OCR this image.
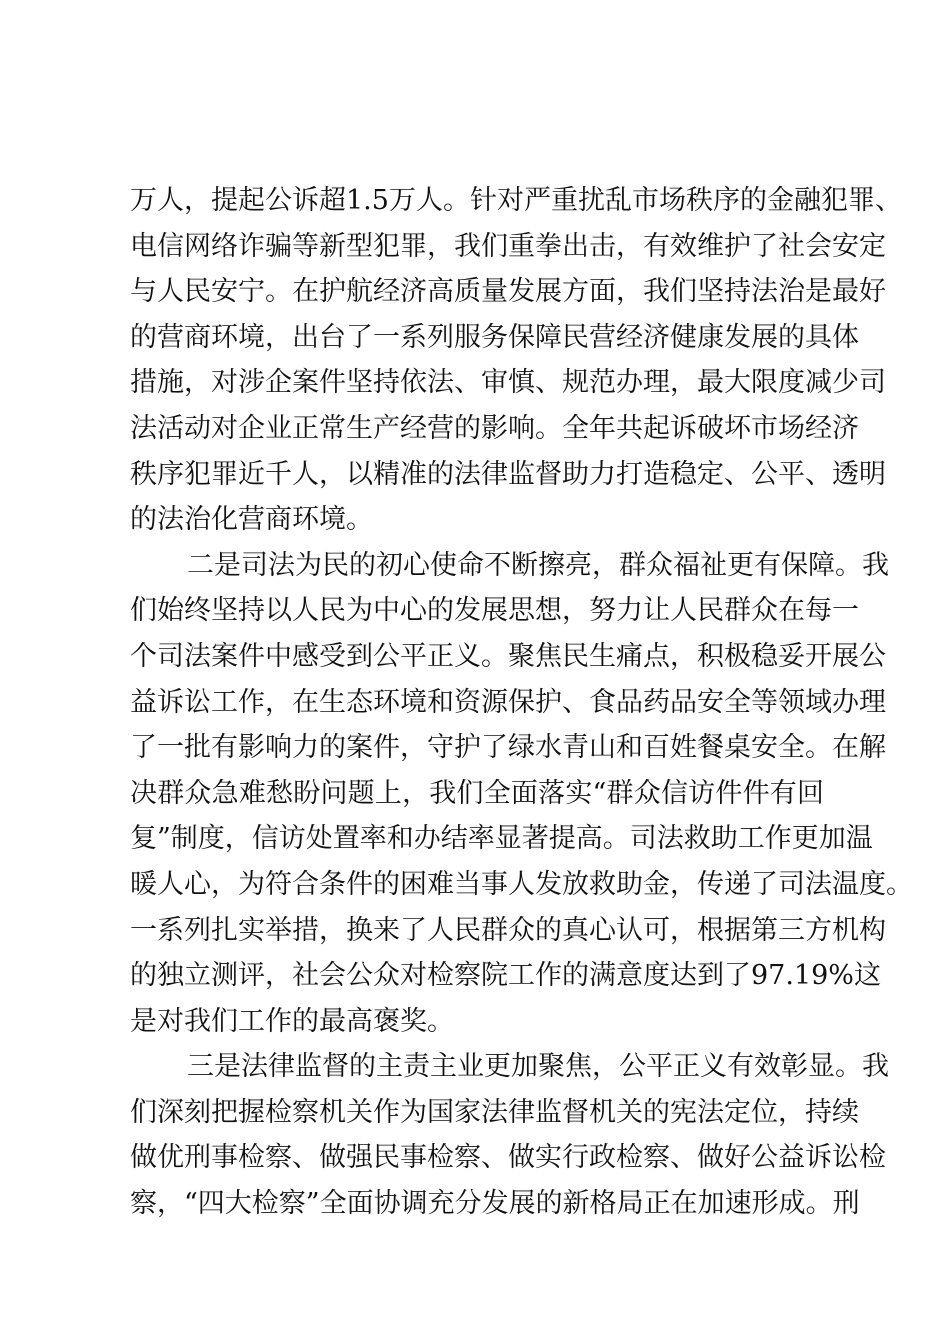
万人，提起公诉超1.5万人。针对严重扰乱市场秩序的金融犯罪、
电信网络诈骗等新型犯罪，我们重拳出击，有效维护了社会安定
与人民安宁。在护航经济高质量发展方面，我们坚持法治是最好
的营商环境，出台了一系列服务保障民营经济健康发展的具体
措施，对涉企案件坚持依法、审慎、规范办理，最大限度减少司
法活动对企业正常生产经营的影响。全年共起诉破坏市场经济
秩序犯罪近千人，以精准的法律监督助力打造稳定、公平、透明
的法治化营商环境。
二是司法为民的初心使命不断擦亮，群众福祉更有保障。我
们始终坚持以人民为中心的发展思想，努力让人民群众在每一
个司法案件中感受到公平正义。聚焦民生痛点，积极稳妥开展公
益诉讼工作，在生态环境和资源保护、食品药品安全等领域办理
了一批有影响力的案件，守护了绿水青山和百姓餐桌安全。在解
决群众急难愁盼问题上，我们全面落实“群众信访件件有回
复”制度，信访处置率和办结率显著提高。司法救助工作更加温
暖人心，为符合条件的困难当事人发放救助金，传递了司法温度。
一系列扎实举措，换来了人民群众的真心认可，根据第三方机构
的独立测评，社会公众对检察院工作的满意度达到了97.19%这
是对我们工作的最高褒奖。
三是法律监督的主责主业更加聚焦，公平正义有效彰显。我
们深刻把握检察机关作为国家法律监督机关的宪法定位，持续
做优刑事检察、做强民事检察、做实行政检察、做好公益诉讼检
察，“四大检察”全面协调充分发展的新格局正在加速形成。刑
